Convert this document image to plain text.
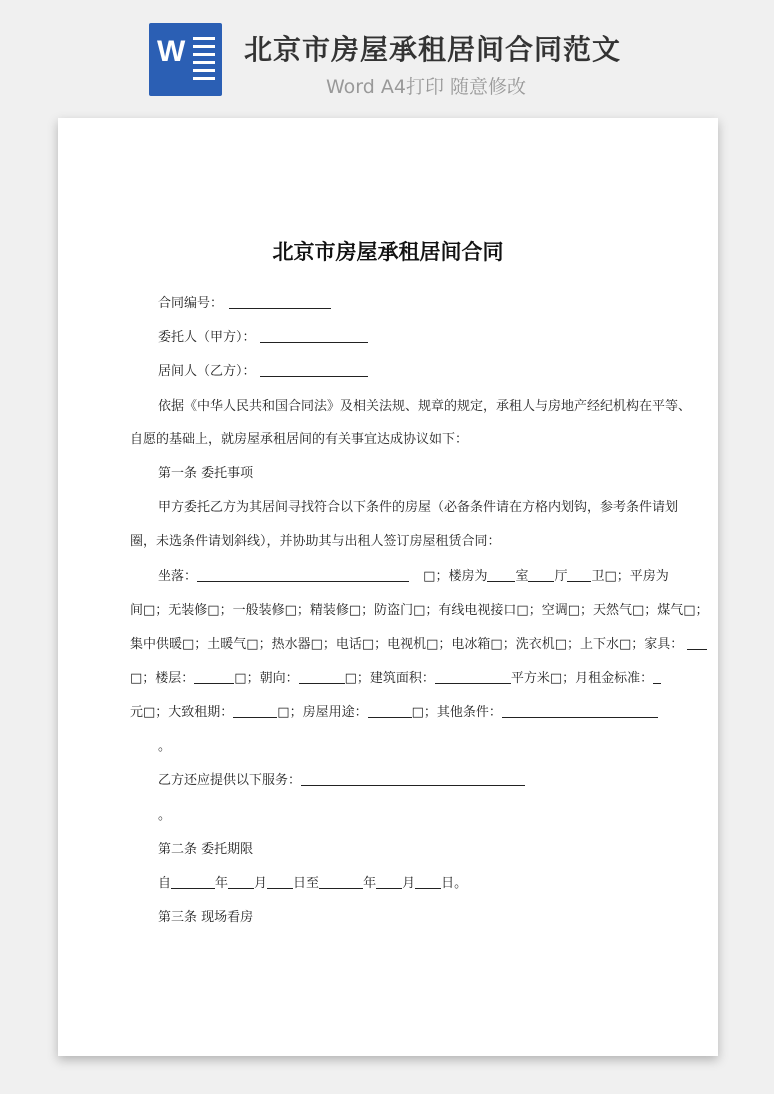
W 北京市房屋承租居间合同范文
Word A4打印 随意修改
北京市房屋承租居间合同
合同编号：
委托人（甲方）：
居间人（乙方）：
依据《中华人民共和国合同法》及相关法规、规章的规定，承租人与房地产经纪机构在平等、
自愿的基础上，就房屋承租居间的有关事宜达成协议如下：
第一条 委托事项
甲方委托乙方为其居间寻找符合以下条件的房屋（必备条件请在方格内划钩，参考条件请划
圈，未选条件请划斜线），并协助其与出租人签订房屋租赁合同：
坐落：	□；楼房为 室 厅 卫□；平房为
间□；无装修□；一般装修□；精装修□；防盗门□；有线电视接口□；空调□；天然气□；煤气□；
集中供暖□；土暖气□；热水器□；电话□；电视机□；电冰箱□；洗衣机□；上下水□；家具：
□；楼层：	□；朝向：	□；建筑面积：	平方米□；月租金标准：
元□；大致租期：	□；房屋用途：	□；其他条件：
。
乙方还应提供以下服务：
。
第二条 委托期限
自	年 月 日至	年 月 日。
第三条 现场看房
